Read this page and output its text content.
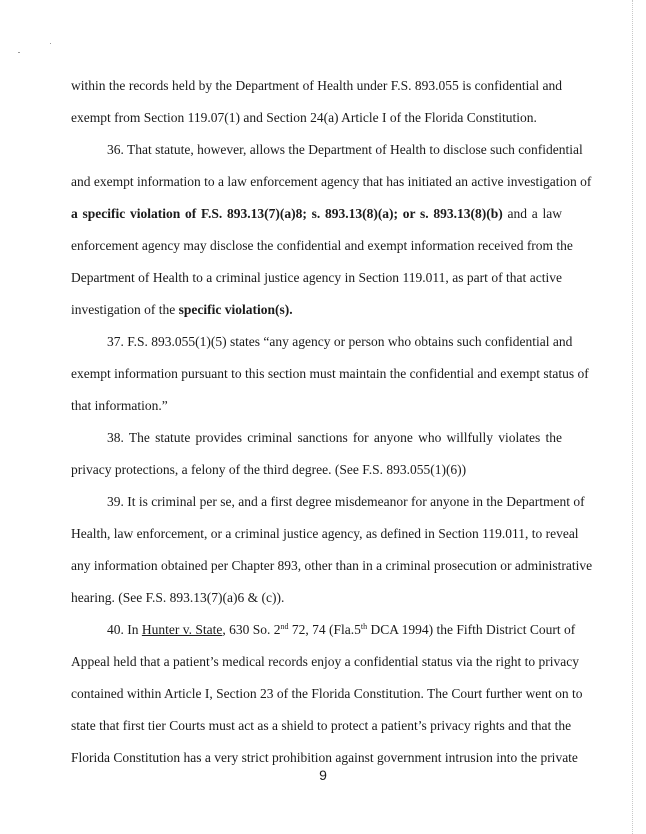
within the records held by the Department of Health under F.S. 893.055 is confidential and
exempt from Section 119.07(1) and Section 24(a) Article I of the Florida Constitution.
36. That statute, however, allows the Department of Health to disclose such confidential
and exempt information to a law enforcement agency that has initiated an active investigation of
a specific violation of F.S. 893.13(7)(a)8; s. 893.13(8)(a); or s. 893.13(8)(b) and a law
enforcement agency may disclose the confidential and exempt information received from the
Department of Health to a criminal justice agency in Section 119.011, as part of that active
investigation of the specific violation(s).
37. F.S. 893.055(1)(5) states “any agency or person who obtains such confidential and
exempt information pursuant to this section must maintain the confidential and exempt status of
that information.”
38. The statute provides criminal sanctions for anyone who willfully violates the
privacy protections, a felony of the third degree. (See F.S. 893.055(1)(6))
39. It is criminal per se, and a first degree misdemeanor for anyone in the Department of
Health, law enforcement, or a criminal justice agency, as defined in Section 119.011, to reveal
any information obtained per Chapter 893, other than in a criminal prosecution or administrative
hearing. (See F.S. 893.13(7)(a)6 & (c)).
40. In Hunter v. State, 630 So. 2nd 72, 74 (Fla.5th DCA 1994) the Fifth District Court of
Appeal held that a patient’s medical records enjoy a confidential status via the right to privacy
contained within Article I, Section 23 of the Florida Constitution. The Court further went on to
state that first tier Courts must act as a shield to protect a patient’s privacy rights and that the
Florida Constitution has a very strict prohibition against government intrusion into the private
9
